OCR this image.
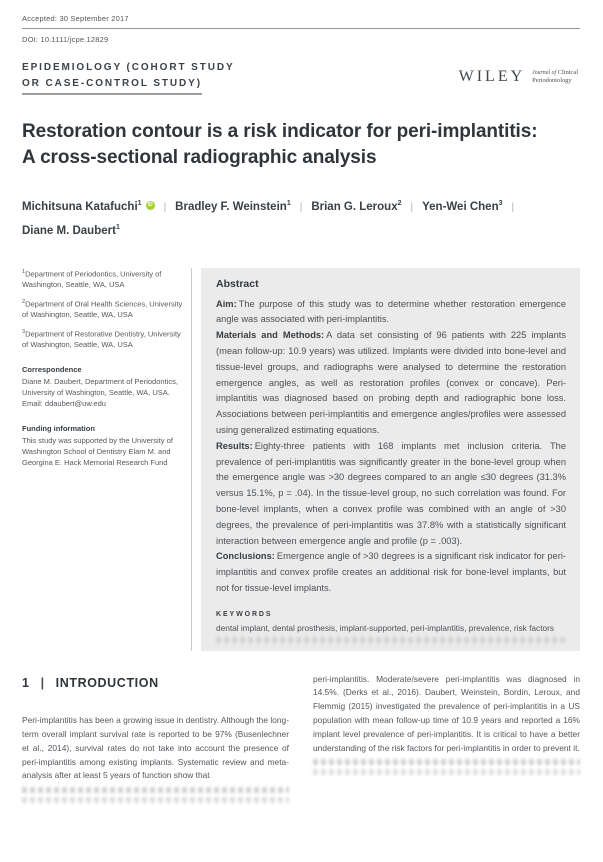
Accepted: 30 September 2017
DOI: 10.1111/jcpe.12829
EPIDEMIOLOGY (COHORT STUDY
OR CASE-CONTROL STUDY)	WILEY Journal of Clinical
Periodontology
Restoration contour is a risk indicator for peri-implantitis:
A cross-sectional radiographic analysis
Michitsuna Katafuchi$^1$ iD | Bradley F. Weinstein$^1$ | Brian G. Leroux$^2$ | Yen-Wei Chen$^3$ |
Diane M. Daubert$^1$
$^1$Department of Periodontics, University of Washington, Seattle, WA, USA
$^2$Department of Oral Health Sciences, University of Washington, Seattle, WA, USA
$^3$Department of Restorative Dentistry, University of Washington, Seattle, WA, USA
Correspondence
Diane M. Daubert, Department of Periodontics, University of Washington, Seattle, WA, USA.
Email: ddaubert@uw.edu
Funding information
This study was supported by the University of Washington School of Dentistry Elam M. and Georgina E. Hack Memorial Research Fund
Abstract

Aim: The purpose of this study was to determine whether restoration emergence angle was associated with peri-implantitis.

Materials and Methods: A data set consisting of 96 patients with 225 implants (mean follow-up: 10.9 years) was utilized. Implants were divided into bone-level and tissue-level groups, and radiographs were analysed to determine the restoration emergence angles, as well as restoration profiles (convex or concave). Peri-implantitis was diagnosed based on probing depth and radiographic bone loss. Associations between peri-implantitis and emergence angles/profiles were assessed using generalized estimating equations.

Results: Eighty-three patients with 168 implants met inclusion criteria. The prevalence of peri-implantitis was significantly greater in the bone-level group when the emergence angle was >30 degrees compared to an angle ≤30 degrees (31.3% versus 15.1%, p = .04). In the tissue-level group, no such correlation was found. For bone-level implants, when a convex profile was combined with an angle of >30 degrees, the prevalence of peri-implantitis was 37.8% with a statistically significant interaction between emergence angle and profile (p = .003).

Conclusions: Emergence angle of >30 degrees is a significant risk indicator for peri-implantitis and convex profile creates an additional risk for bone-level implants, but not for tissue-level implants.

KEYWORDS
dental implant, dental prosthesis, implant-supported, peri-implantitis, prevalence, risk factors
1 | INTRODUCTION
Peri-implantitis has been a growing issue in dentistry. Although the long-term overall implant survival rate is reported to be 97% (Busenlechner et al., 2014), survival rates do not take into account the presence of peri-implantitis among existing implants. Systematic review and meta-analysis after at least 5 years of function show that
peri-implantitis. Moderate/severe peri-implantitis was diagnosed in 14.5%. (Derks et al., 2016). Daubert, Weinstein, Bordin, Leroux, and Flemmig (2015) investigated the prevalence of peri-implantitis in a US population with mean follow-up time of 10.9 years and reported a 16% implant level prevalence of peri-implantitis. It is critical to have a better understanding of the risk factors for peri-implantitis in order to prevent it.
